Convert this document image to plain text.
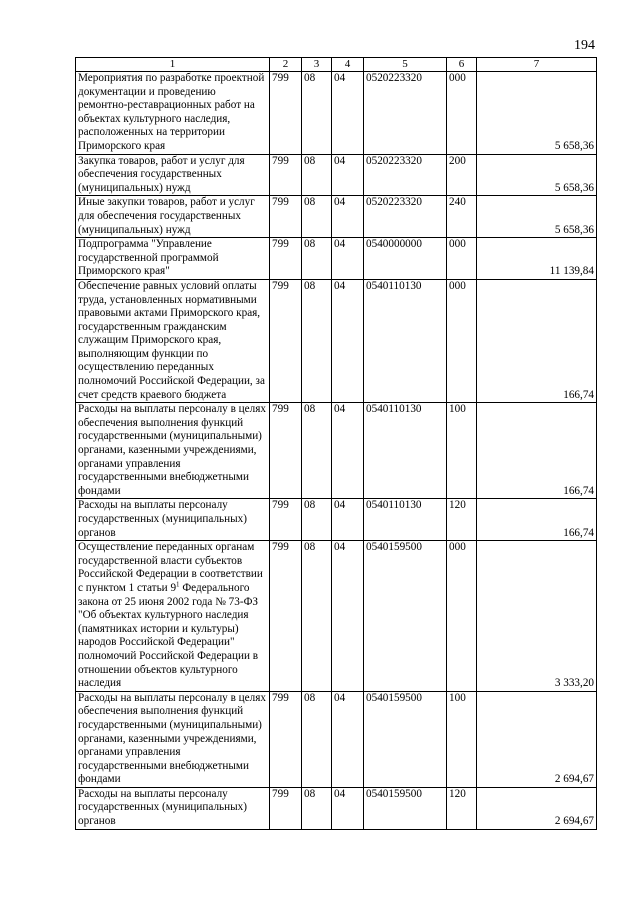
194
1	2	3	4	5	6	7
Мероприятия по разработке проектной документации и проведению ремонтно-реставрационных работ на объектах культурного наследия, расположенных на территории Приморского края	799	08	04	0520223320	000	5 658,36
Закупка товаров, работ и услуг для обеспечения государственных (муниципальных) нужд	799	08	04	0520223320	200	5 658,36
Иные закупки товаров, работ и услуг для обеспечения государственных (муниципальных) нужд	799	08	04	0520223320	240	5 658,36
Подпрограмма "Управление государственной программой Приморского края"	799	08	04	0540000000	000	11 139,84
Обеспечение равных условий оплаты труда, установленных нормативными правовыми актами Приморского края, государственным гражданским служащим Приморского края, выполняющим функции по осуществлению переданных полномочий Российской Федерации, за счет средств краевого бюджета	799	08	04	0540110130	000	166,74
Расходы на выплаты персоналу в целях обеспечения выполнения функций государственными (муниципальными) органами, казенными учреждениями, органами управления государственными внебюджетными фондами	799	08	04	0540110130	100	166,74
Расходы на выплаты персоналу государственных (муниципальных) органов	799	08	04	0540110130	120	166,74
Осуществление переданных органам государственной власти субъектов Российской Федерации в соответствии с пунктом 1 статьи $9^1$ Федерального закона от 25 июня 2002 года № 73-ФЗ "Об объектах культурного наследия (памятниках истории и культуры) народов Российской Федерации" полномочий Российской Федерации в отношении объектов культурного наследия	799	08	04	0540159500	000	3 333,20
Расходы на выплаты персоналу в целях обеспечения выполнения функций государственными (муниципальными) органами, казенными учреждениями, органами управления государственными внебюджетными фондами	799	08	04	0540159500	100	2 694,67
Расходы на выплаты персоналу государственных (муниципальных) органов	799	08	04	0540159500	120	2 694,67
